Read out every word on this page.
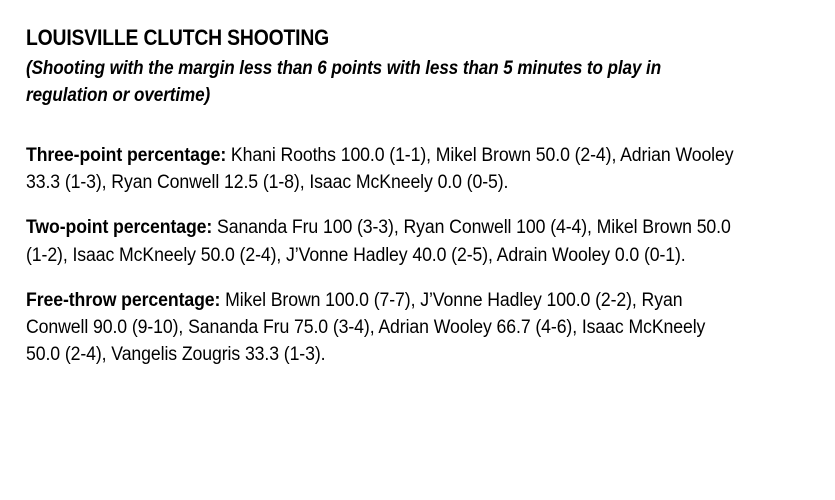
LOUISVILLE CLUTCH SHOOTING

(Shooting with the margin less than 6 points with less than 5 minutes to play in regulation or overtime)

Three-point percentage: Khani Rooths 100.0 (1-1), Mikel Brown 50.0 (2-4), Adrian Wooley 33.3 (1-3), Ryan Conwell 12.5 (1-8), Isaac McKneely 0.0 (0-5).

Two-point percentage: Sananda Fru 100 (3-3), Ryan Conwell 100 (4-4), Mikel Brown 50.0 (1-2), Isaac McKneely 50.0 (2-4), J’Vonne Hadley 40.0 (2-5), Adrain Wooley 0.0 (0-1).

Free-throw percentage: Mikel Brown 100.0 (7-7), J’Vonne Hadley 100.0 (2-2), Ryan Conwell 90.0 (9-10), Sananda Fru 75.0 (3-4), Adrian Wooley 66.7 (4-6), Isaac McKneely 50.0 (2-4), Vangelis Zougris 33.3 (1-3).
